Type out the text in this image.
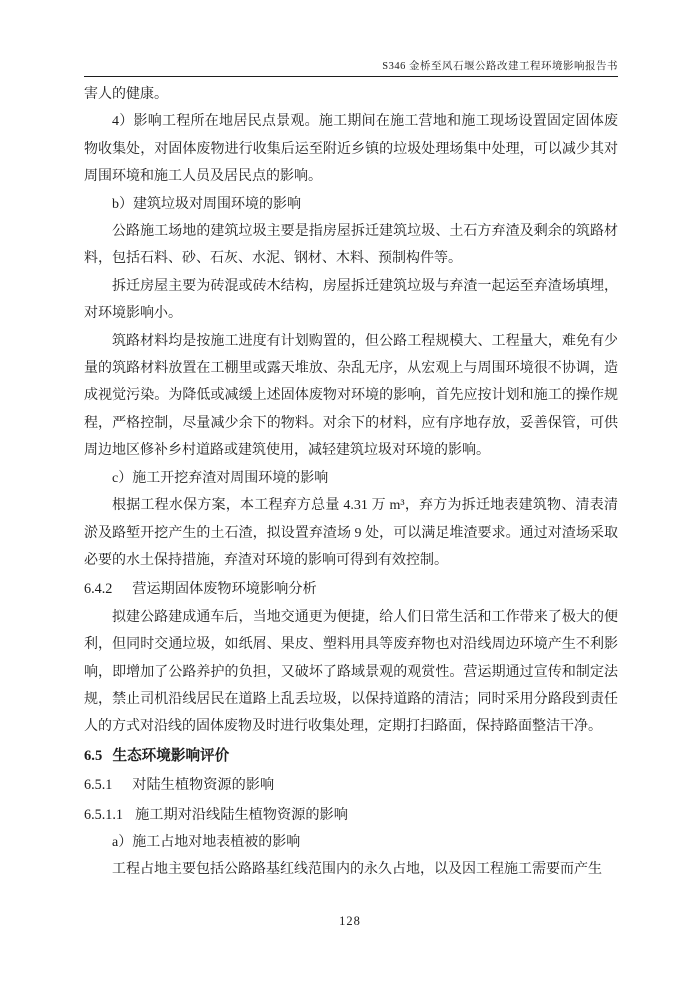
S346 金桥至风石堰公路改建工程环境影响报告书

害人的健康。

4）影响工程所在地居民点景观。施工期间在施工营地和施工现场设置固定固体废物收集处，对固体废物进行收集后运至附近乡镇的垃圾处理场集中处理，可以减少其对周围环境和施工人员及居民点的影响。

b）建筑垃圾对周围环境的影响

公路施工场地的建筑垃圾主要是指房屋拆迁建筑垃圾、土石方弃渣及剩余的筑路材料，包括石料、砂、石灰、水泥、钢材、木料、预制构件等。

拆迁房屋主要为砖混或砖木结构，房屋拆迁建筑垃圾与弃渣一起运至弃渣场填埋，对环境影响小。

筑路材料均是按施工进度有计划购置的，但公路工程规模大、工程量大，难免有少量的筑路材料放置在工棚里或露天堆放、杂乱无序，从宏观上与周围环境很不协调，造成视觉污染。为降低或减缓上述固体废物对环境的影响，首先应按计划和施工的操作规程，严格控制，尽量减少余下的物料。对余下的材料，应有序地存放，妥善保管，可供周边地区修补乡村道路或建筑使用，减轻建筑垃圾对环境的影响。

c）施工开挖弃渣对周围环境的影响

根据工程水保方案，本工程弃方总量 4.31 万 m³，弃方为拆迁地表建筑物、清表清淤及路堑开挖产生的土石渣，拟设置弃渣场 9 处，可以满足堆渣要求。通过对渣场采取必要的水土保持措施，弃渣对环境的影响可得到有效控制。

6.4.2 营运期固体废物环境影响分析

拟建公路建成通车后，当地交通更为便捷，给人们日常生活和工作带来了极大的便利，但同时交通垃圾，如纸屑、果皮、塑料用具等废弃物也对沿线周边环境产生不利影响，即增加了公路养护的负担，又破坏了路域景观的观赏性。营运期通过宣传和制定法规，禁止司机沿线居民在道路上乱丢垃圾，以保持道路的清洁；同时采用分路段到责任人的方式对沿线的固体废物及时进行收集处理，定期打扫路面，保持路面整洁干净。

6.5 生态环境影响评价
6.5.1 对陆生植物资源的影响
6.5.1.1 施工期对沿线陆生植物资源的影响

a）施工占地对地表植被的影响

工程占地主要包括公路路基红线范围内的永久占地，以及因工程施工需要而产生

128
